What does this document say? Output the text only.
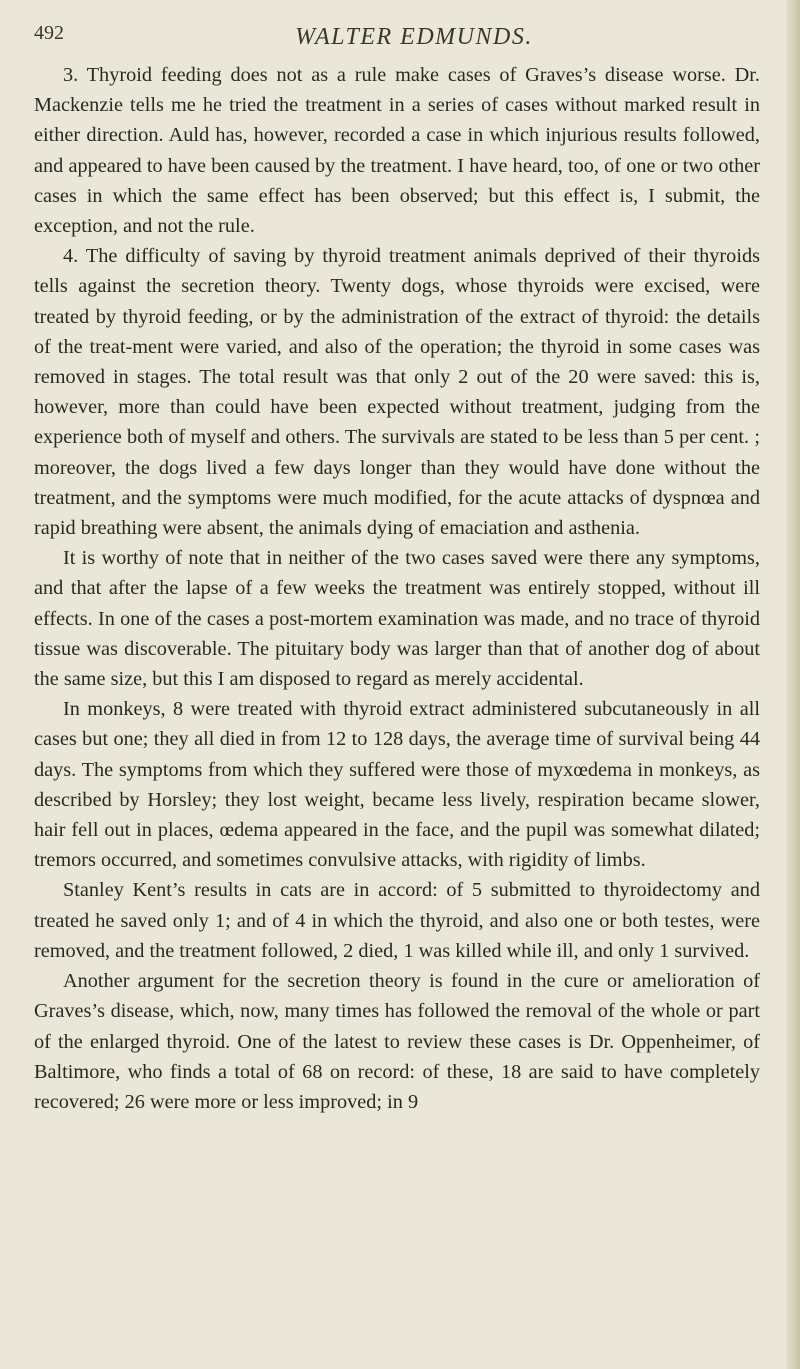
492	WALTER EDMUNDS.

3. Thyroid feeding does not as a rule make cases of Graves’s disease worse. Dr. Mackenzie tells me he tried the treatment in a series of cases without marked result in either direction. Auld has, however, recorded a case in which injurious results followed, and appeared to have been caused by the treatment. I have heard, too, of one or two other cases in which the same effect has been observed; but this effect is, I submit, the exception, and not the rule.

4. The difficulty of saving by thyroid treatment animals deprived of their thyroids tells against the secretion theory. Twenty dogs, whose thyroids were excised, were treated by thyroid feeding, or by the administration of the extract of thyroid: the details of the treat-ment were varied, and also of the operation; the thyroid in some cases was removed in stages. The total result was that only 2 out of the 20 were saved: this is, however, more than could have been expected without treatment, judging from the experience both of myself and others. The survivals are stated to be less than 5 per cent. ; moreover, the dogs lived a few days longer than they would have done without the treatment, and the symptoms were much modified, for the acute attacks of dyspnœa and rapid breathing were absent, the animals dying of emaciation and asthenia.

It is worthy of note that in neither of the two cases saved were there any symptoms, and that after the lapse of a few weeks the treatment was entirely stopped, without ill effects. In one of the cases a post-mortem examination was made, and no trace of thyroid tissue was discoverable. The pituitary body was larger than that of another dog of about the same size, but this I am disposed to regard as merely accidental.

In monkeys, 8 were treated with thyroid extract administered subcutaneously in all cases but one; they all died in from 12 to 128 days, the average time of survival being 44 days. The symptoms from which they suffered were those of myxœdema in monkeys, as described by Horsley; they lost weight, became less lively, respiration became slower, hair fell out in places, œdema appeared in the face, and the pupil was somewhat dilated; tremors occurred, and sometimes convulsive attacks, with rigidity of limbs.

Stanley Kent’s results in cats are in accord: of 5 submitted to thyroidectomy and treated he saved only 1; and of 4 in which the thyroid, and also one or both testes, were removed, and the treatment followed, 2 died, 1 was killed while ill, and only 1 survived.

Another argument for the secretion theory is found in the cure or amelioration of Graves’s disease, which, now, many times has followed the removal of the whole or part of the enlarged thyroid. One of the latest to review these cases is Dr. Oppenheimer, of Baltimore, who finds a total of 68 on record: of these, 18 are said to have completely recovered; 26 were more or less improved; in 9
